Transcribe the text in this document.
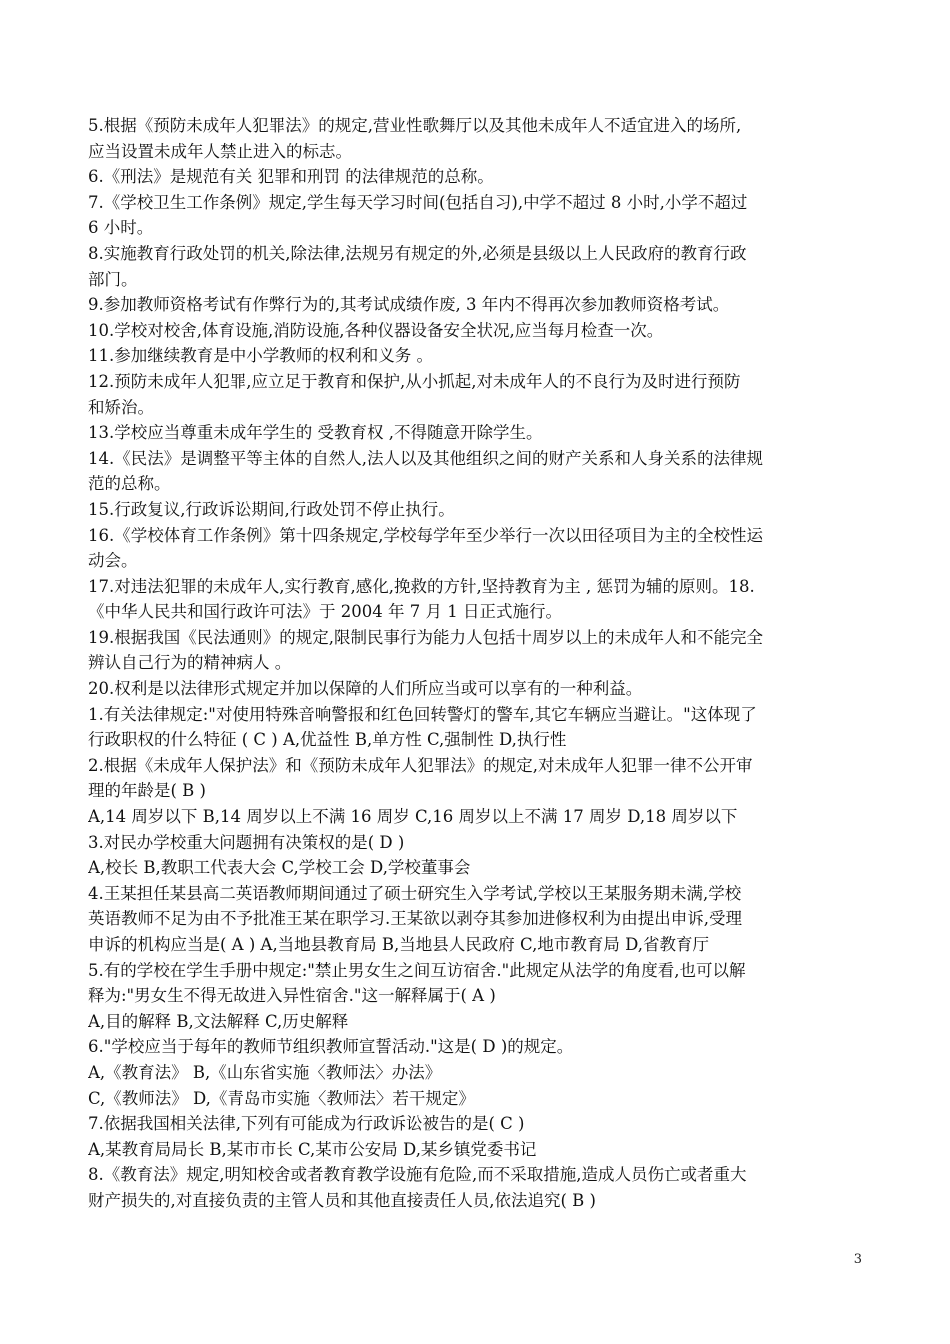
5.根据《预防未成年人犯罪法》的规定,营业性歌舞厅以及其他未成年人不适宜进入的场所,
应当设置未成年人禁止进入的标志。
6.《刑法》是规范有关 犯罪和刑罚 的法律规范的总称。
7.《学校卫生工作条例》规定,学生每天学习时间(包括自习),中学不超过 8 小时,小学不超过
6 小时。
8.实施教育行政处罚的机关,除法律,法规另有规定的外,必须是县级以上人民政府的教育行政
部门。
9.参加教师资格考试有作弊行为的,其考试成绩作废, 3 年内不得再次参加教师资格考试。
10.学校对校舍,体育设施,消防设施,各种仪器设备安全状况,应当每月检查一次。
11.参加继续教育是中小学教师的权利和义务 。
12.预防未成年人犯罪,应立足于教育和保护,从小抓起,对未成年人的不良行为及时进行预防
和矫治。
13.学校应当尊重未成年学生的 受教育权 ,不得随意开除学生。
14.《民法》是调整平等主体的自然人,法人以及其他组织之间的财产关系和人身关系的法律规
范的总称。
15.行政复议,行政诉讼期间,行政处罚不停止执行。
16.《学校体育工作条例》第十四条规定,学校每学年至少举行一次以田径项目为主的全校性运
动会。
17.对违法犯罪的未成年人,实行教育,感化,挽救的方针,坚持教育为主 , 惩罚为辅的原则。18.
《中华人民共和国行政许可法》于 2004 年 7 月 1 日正式施行。
19.根据我国《民法通则》的规定,限制民事行为能力人包括十周岁以上的未成年人和不能完全
辨认自己行为的精神病人 。
20.权利是以法律形式规定并加以保障的人们所应当或可以享有的一种利益。
1.有关法律规定:"对使用特殊音响警报和红色回转警灯的警车,其它车辆应当避让。"这体现了
行政职权的什么特征 ( C ) A,优益性 B,单方性 C,强制性 D,执行性
2.根据《未成年人保护法》和《预防未成年人犯罪法》的规定,对未成年人犯罪一律不公开审
理的年龄是( B )
A,14 周岁以下 B,14 周岁以上不满 16 周岁 C,16 周岁以上不满 17 周岁 D,18 周岁以下
3.对民办学校重大问题拥有决策权的是( D )
A,校长 B,教职工代表大会 C,学校工会 D,学校董事会
4.王某担任某县高二英语教师期间通过了硕士研究生入学考试,学校以王某服务期未满,学校
英语教师不足为由不予批准王某在职学习.王某欲以剥夺其参加进修权利为由提出申诉,受理
申诉的机构应当是( A ) A,当地县教育局 B,当地县人民政府 C,地市教育局 D,省教育厅
5.有的学校在学生手册中规定:"禁止男女生之间互访宿舍."此规定从法学的角度看,也可以解
释为:"男女生不得无故进入异性宿舍."这一解释属于( A )
A,目的解释 B,文法解释 C,历史解释
6."学校应当于每年的教师节组织教师宣誓活动."这是( D )的规定。
A,《教育法》 B,《山东省实施〈教师法〉办法》
C,《教师法》 D,《青岛市实施〈教师法〉若干规定》
7.依据我国相关法律,下列有可能成为行政诉讼被告的是( C )
A,某教育局局长 B,某市市长 C,某市公安局 D,某乡镇党委书记
8.《教育法》规定,明知校舍或者教育教学设施有危险,而不采取措施,造成人员伤亡或者重大
财产损失的,对直接负责的主管人员和其他直接责任人员,依法追究( B )
3
